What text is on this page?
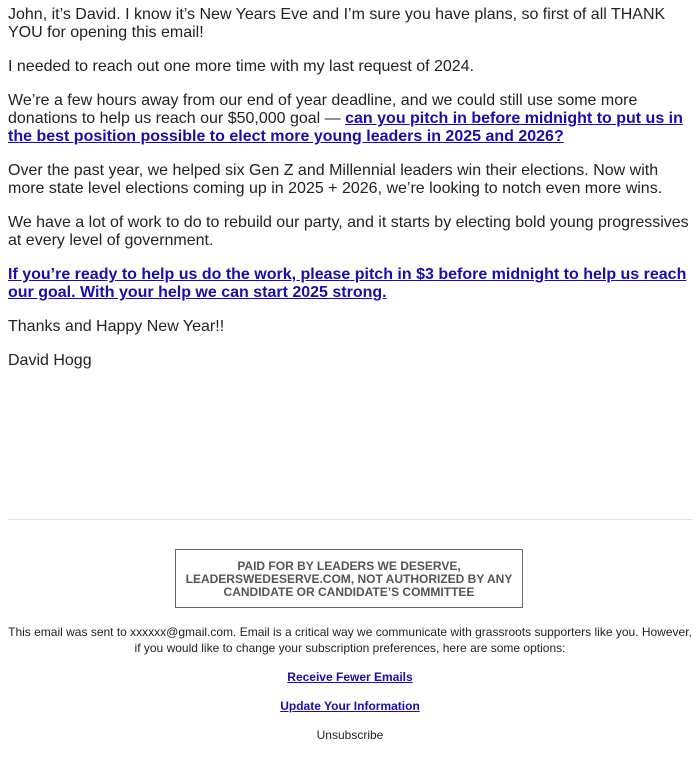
John, it’s David. I know it’s New Years Eve and I’m sure you have plans, so first of all THANK YOU for opening this email!

I needed to reach out one more time with my last request of 2024.

We’re a few hours away from our end of year deadline, and we could still use some more donations to help us reach our $50,000 goal — can you pitch in before midnight to put us in the best position possible to elect more young leaders in 2025 and 2026?

Over the past year, we helped six Gen Z and Millennial leaders win their elections. Now with more state level elections coming up in 2025 + 2026, we’re looking to notch even more wins.

We have a lot of work to do to rebuild our party, and it starts by electing bold young progressives at every level of government.

If you’re ready to help us do the work, please pitch in $3 before midnight to help us reach our goal. With your help we can start 2025 strong.

Thanks and Happy New Year!!

David Hogg

PAID FOR BY LEADERS WE DESERVE, LEADERSWEDESERVE.COM, NOT AUTHORIZED BY ANY CANDIDATE OR CANDIDATE’S COMMITTEE
This email was sent to xxxxxx@gmail.com. Email is a critical way we communicate with grassroots supporters like you. However, if you would like to change your subscription preferences, here are some options:
Receive Fewer Emails
Update Your Information
Unsubscribe
